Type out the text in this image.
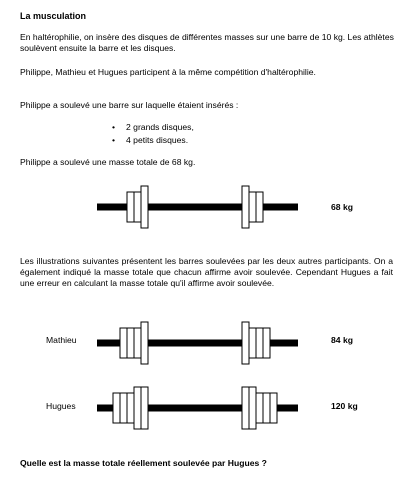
La musculation

En haltérophilie, on insère des disques de différentes masses sur une barre de 10 kg. Les athlètes soulèvent ensuite la barre et les disques.

Philippe, Mathieu et Hugues participent à la même compétition d'haltérophilie.

Philippe a soulevé une barre sur laquelle étaient insérés :

• 2 grands disques,
• 4 petits disques.

Philippe a soulevé une masse totale de 68 kg.

68 kg

Les illustrations suivantes présentent les barres soulevées par les deux autres participants. On a également indiqué la masse totale que chacun affirme avoir soulevée. Cependant Hugues a fait une erreur en calculant la masse totale qu'il affirme avoir soulevée.

Mathieu	84 kg
Hugues	120 kg

Quelle est la masse totale réellement soulevée par Hugues ?
